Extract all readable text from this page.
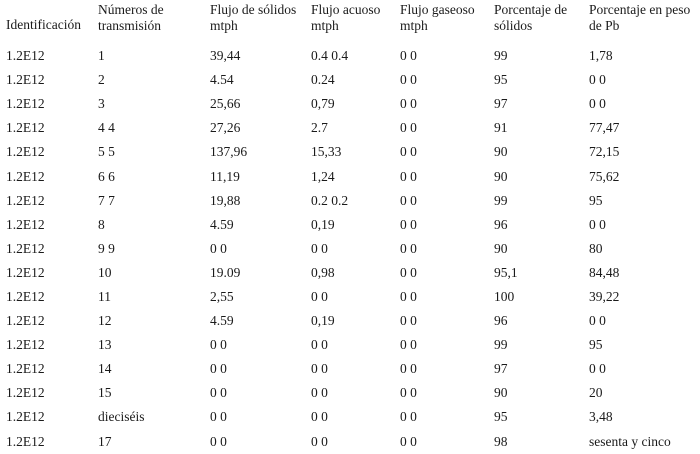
Identificación	Números de transmisión	Flujo de sólidos mtph	Flujo acuoso mtph	Flujo gaseoso mtph	Porcentaje de sólidos	Porcentaje en peso de Pb
1.2E12	1	39,44	0.4 0.4	0 0	99	1,78
1.2E12	2	4.54	0.24	0 0	95	0 0
1.2E12	3	25,66	0,79	0 0	97	0 0
1.2E12	4 4	27,26	2.7	0 0	91	77,47
1.2E12	5 5	137,96	15,33	0 0	90	72,15
1.2E12	6 6	11,19	1,24	0 0	90	75,62
1.2E12	7 7	19,88	0.2 0.2	0 0	99	95
1.2E12	8	4.59	0,19	0 0	96	0 0
1.2E12	9 9	0 0	0 0	0 0	90	80
1.2E12	10	19.09	0,98	0 0	95,1	84,48
1.2E12	11	2,55	0 0	0 0	100	39,22
1.2E12	12	4.59	0,19	0 0	96	0 0
1.2E12	13	0 0	0 0	0 0	99	95
1.2E12	14	0 0	0 0	0 0	97	0 0
1.2E12	15	0 0	0 0	0 0	90	20
1.2E12	dieciséis	0 0	0 0	0 0	95	3,48
1.2E12	17	0 0	0 0	0 0	98	sesenta y cinco
